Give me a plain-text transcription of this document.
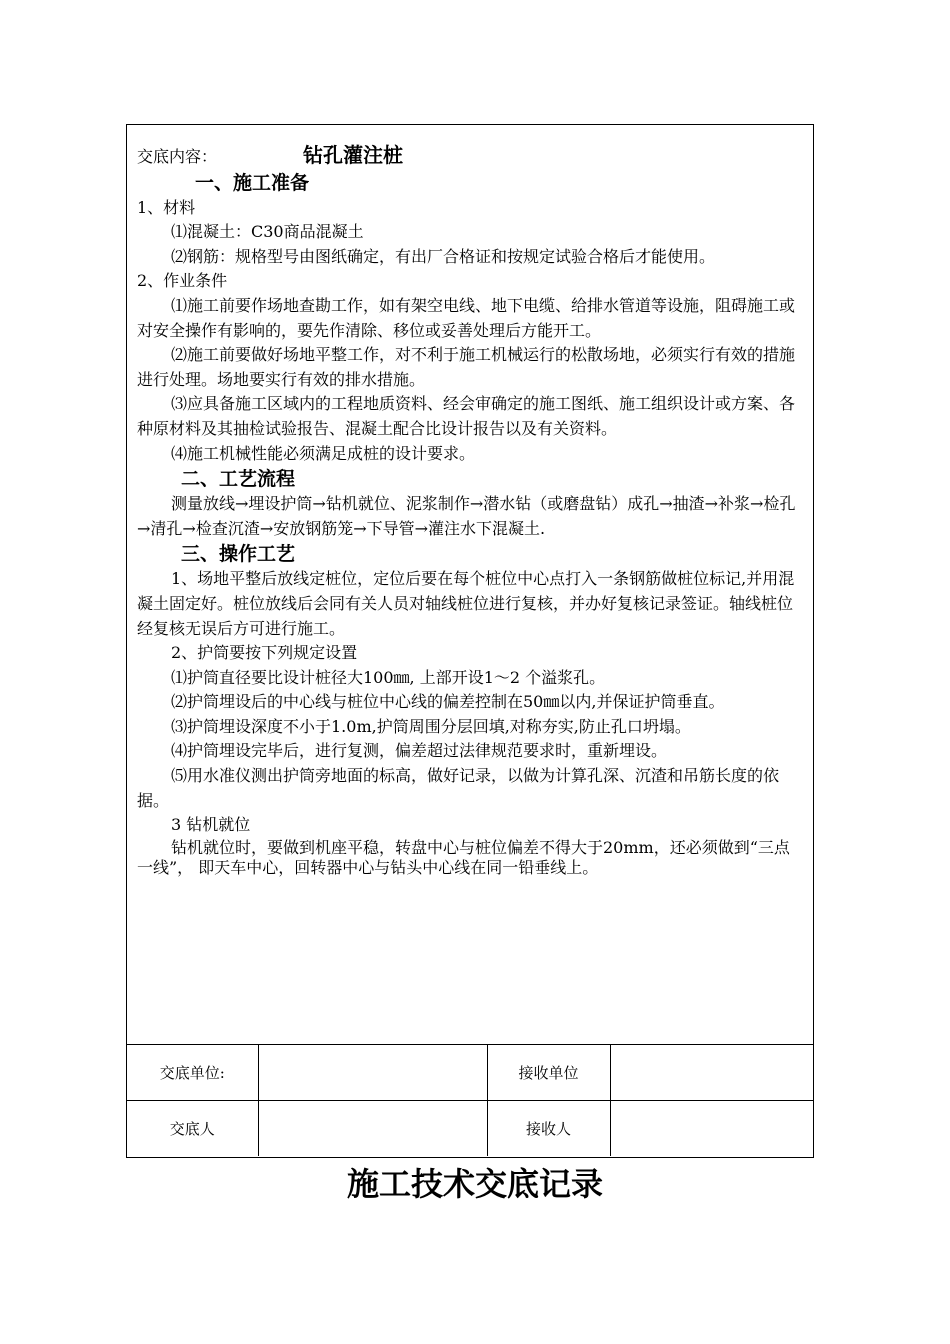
交底内容：	钻孔灌注桩

一、施工准备

1、材料

⑴混凝土：C30商品混凝土

⑵钢筋：规格型号由图纸确定，有出厂合格证和按规定试验合格后才能使用。

2、作业条件

⑴施工前要作场地查勘工作，如有架空电线、地下电缆、给排水管道等设施，阻碍施工或对安全操作有影响的，要先作清除、移位或妥善处理后方能开工。

⑵施工前要做好场地平整工作，对不利于施工机械运行的松散场地，必须实行有效的措施进行处理。场地要实行有效的排水措施。

⑶应具备施工区域内的工程地质资料、经会审确定的施工图纸、施工组织设计或方案、各种原材料及其抽检试验报告、混凝土配合比设计报告以及有关资料。

⑷施工机械性能必须满足成桩的设计要求。

二、工艺流程

测量放线→埋设护筒→钻机就位、泥浆制作→潜水钻（或磨盘钻）成孔→抽渣→补浆→检孔→清孔→检查沉渣→安放钢筋笼→下导管→灌注水下混凝土.

三、操作工艺

1、场地平整后放线定桩位，定位后要在每个桩位中心点打入一条钢筋做桩位标记,并用混凝土固定好。桩位放线后会同有关人员对轴线桩位进行复核，并办好复核记录签证。轴线桩位经复核无误后方可进行施工。

2、护筒要按下列规定设置

⑴护筒直径要比设计桩径大100㎜, 上部开设1～2 个溢浆孔。

⑵护筒埋设后的中心线与桩位中心线的偏差控制在50㎜以内,并保证护筒垂直。

⑶护筒埋设深度不小于1.0m,护筒周围分层回填,对称夯实,防止孔口坍塌。

⑷护筒埋设完毕后，进行复测，偏差超过法律规范要求时，重新埋设。

⑸用水准仪测出护筒旁地面的标高，做好记录，以做为计算孔深、沉渣和吊筋长度的依据。

3 钻机就位

钻机就位时，要做到机座平稳，转盘中心与桩位偏差不得大于20mm，还必须做到“三点一线”， 即天车中心，回转器中心与钻头中心线在同一铅垂线上。

交底单位:		接收单位	
交底人		接收人	
施工技术交底记录
